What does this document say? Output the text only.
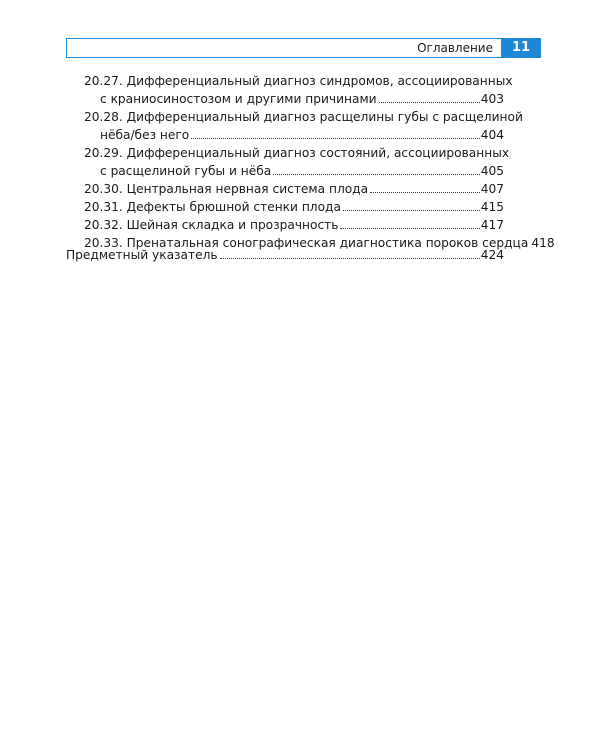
Оглавление	11
20.27. Дифференциальный диагноз синдромов, ассоциированных
с краниосиностозом и другими причинами	403
20.28. Дифференциальный диагноз расщелины губы с расщелиной
нёба/без него	404
20.29. Дифференциальный диагноз состояний, ассоциированных
с расщелиной губы и нёба	405
20.30. Центральная нервная система плода	407
20.31. Дефекты брюшной стенки плода	415
20.32. Шейная складка и прозрачность	417
20.33. Пренатальная сонографическая диагностика пороков сердца 418
Предметный указатель	424
